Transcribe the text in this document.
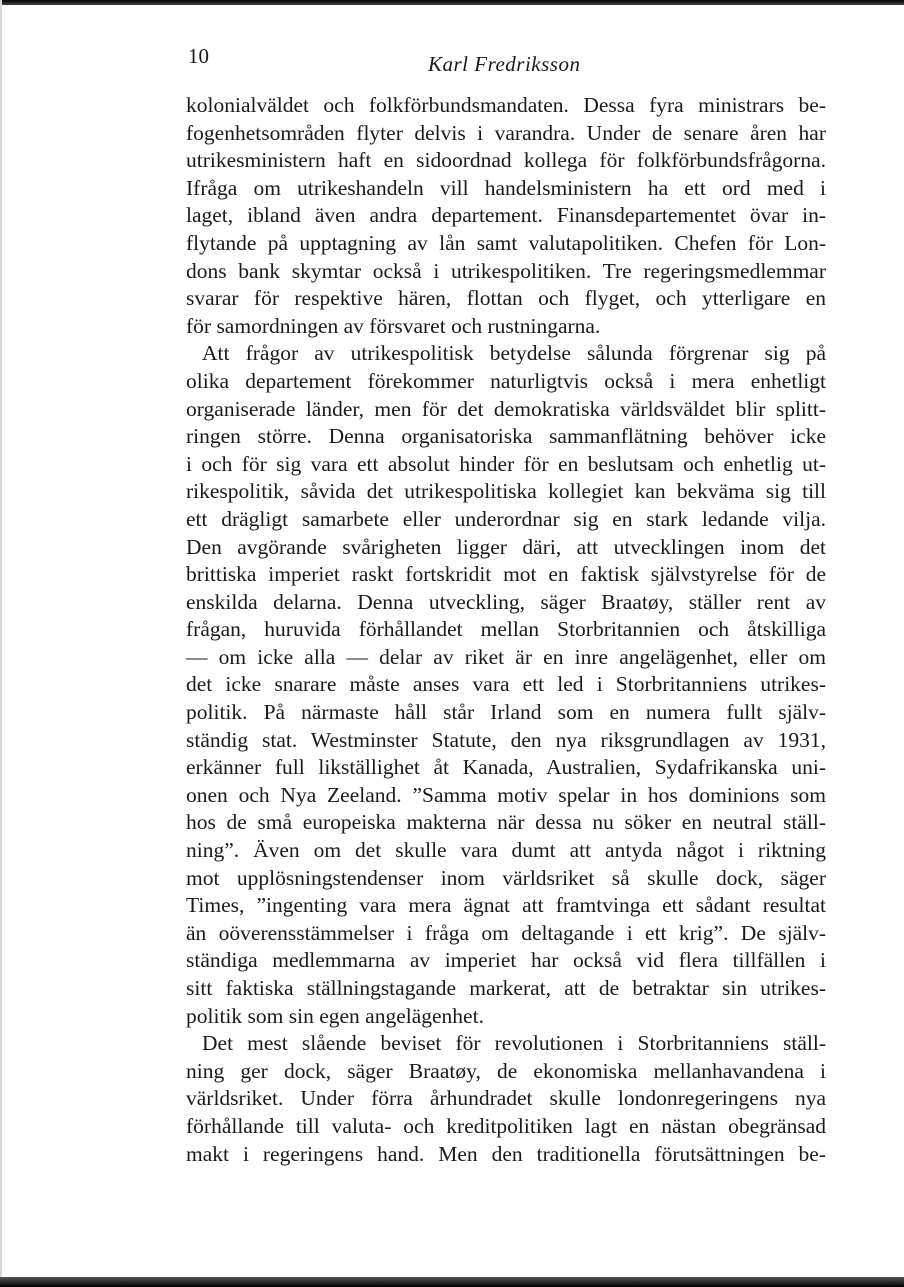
10	Karl Fredriksson
kolonialväldet och folkförbundsmandaten. Dessa fyra ministrars be-
fogenhetsområden flyter delvis i varandra. Under de senare åren har
utrikesministern haft en sidoordnad kollega för folkförbundsfrågorna.
Ifråga om utrikeshandeln vill handelsministern ha ett ord med i
laget, ibland även andra departement. Finansdepartementet övar in-
flytande på upptagning av lån samt valutapolitiken. Chefen för Lon-
dons bank skymtar också i utrikespolitiken. Tre regeringsmedlemmar
svarar för respektive hären, flottan och flyget, och ytterligare en
för samordningen av försvaret och rustningarna.
Att frågor av utrikespolitisk betydelse sålunda förgrenar sig på
olika departement förekommer naturligtvis också i mera enhetligt
organiserade länder, men för det demokratiska världsväldet blir splitt-
ringen större. Denna organisatoriska sammanflätning behöver icke
i och för sig vara ett absolut hinder för en beslutsam och enhetlig ut-
rikespolitik, såvida det utrikespolitiska kollegiet kan bekväma sig till
ett drägligt samarbete eller underordnar sig en stark ledande vilja.
Den avgörande svårigheten ligger däri, att utvecklingen inom det
brittiska imperiet raskt fortskridit mot en faktisk självstyrelse för de
enskilda delarna. Denna utveckling, säger Braatøy, ställer rent av
frågan, huruvida förhållandet mellan Storbritannien och åtskilliga
— om icke alla — delar av riket är en inre angelägenhet, eller om
det icke snarare måste anses vara ett led i Storbritanniens utrikes-
politik. På närmaste håll står Irland som en numera fullt själv-
ständig stat. Westminster Statute, den nya riksgrundlagen av 1931,
erkänner full likställighet åt Kanada, Australien, Sydafrikanska uni-
onen och Nya Zeeland. ”Samma motiv spelar in hos dominions som
hos de små europeiska makterna när dessa nu söker en neutral ställ-
ning”. Även om det skulle vara dumt att antyda något i riktning
mot upplösningstendenser inom världsriket så skulle dock, säger
Times, ”ingenting vara mera ägnat att framtvinga ett sådant resultat
än oöverensstämmelser i fråga om deltagande i ett krig”. De själv-
ständiga medlemmarna av imperiet har också vid flera tillfällen i
sitt faktiska ställningstagande markerat, att de betraktar sin utrikes-
politik som sin egen angelägenhet.
Det mest slående beviset för revolutionen i Storbritanniens ställ-
ning ger dock, säger Braatøy, de ekonomiska mellanhavandena i
världsriket. Under förra århundradet skulle londonregeringens nya
förhållande till valuta- och kreditpolitiken lagt en nästan obegränsad
makt i regeringens hand. Men den traditionella förutsättningen be-
